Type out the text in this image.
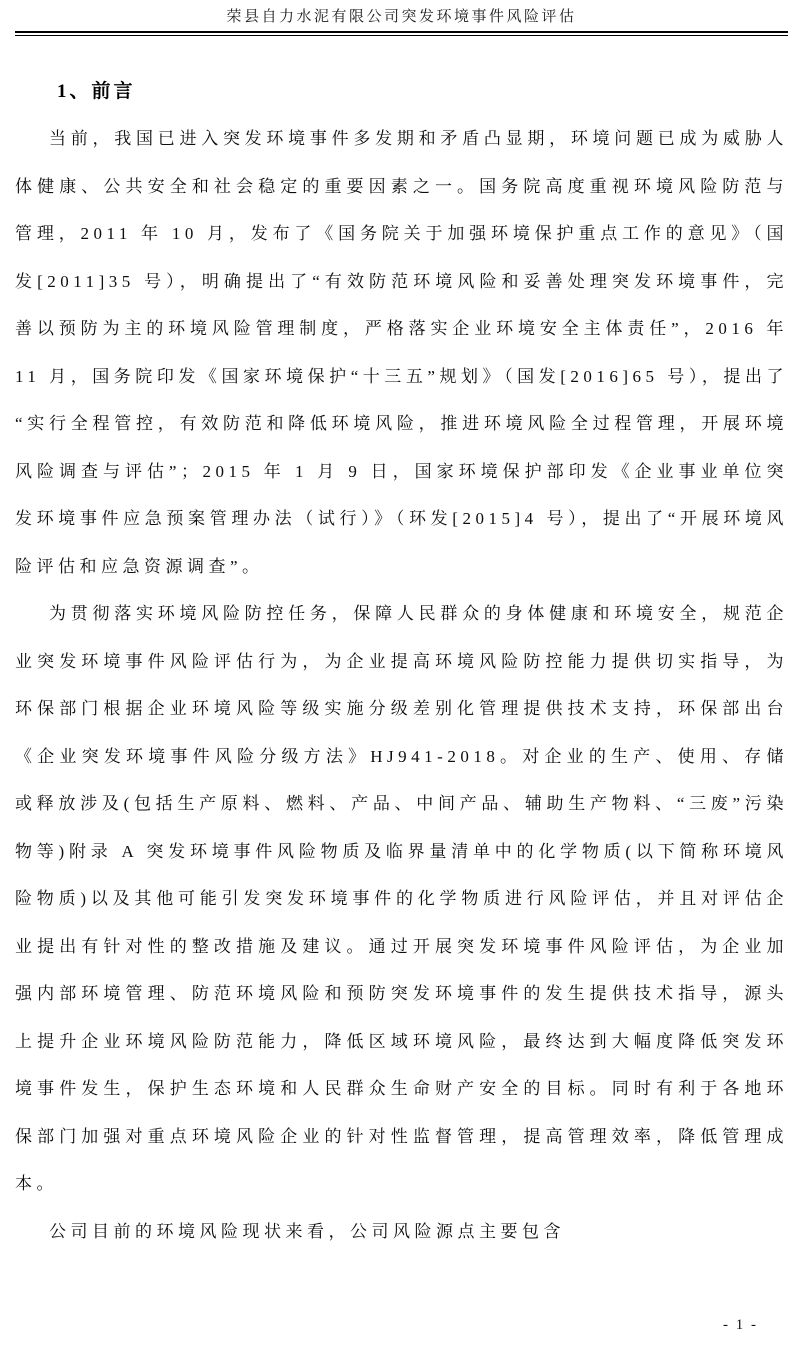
荣县自力水泥有限公司突发环境事件风险评估
1、前言

当前，我国已进入突发环境事件多发期和矛盾凸显期，环境问题已成为威胁人体健康、公共安全和社会稳定的重要因素之一。国务院高度重视环境风险防范与管理，2011 年 10 月，发布了《国务院关于加强环境保护重点工作的意见》（国发[2011]35 号），明确提出了“有效防范环境风险和妥善处理突发环境事件，完善以预防为主的环境风险管理制度，严格落实企业环境安全主体责任”，2016 年 11 月，国务院印发《国家环境保护“十三五”规划》（国发[2016]65 号），提出了“实行全程管控，有效防范和降低环境风险，推进环境风险全过程管理，开展环境风险调查与评估”；2015 年 1 月 9 日，国家环境保护部印发《企业事业单位突发环境事件应急预案管理办法（试行）》（环发[2015]4 号），提出了“开展环境风险评估和应急资源调查”。

为贯彻落实环境风险防控任务，保障人民群众的身体健康和环境安全，规范企业突发环境事件风险评估行为，为企业提高环境风险防控能力提供切实指导，为环保部门根据企业环境风险等级实施分级差别化管理提供技术支持，环保部出台《企业突发环境事件风险分级方法》HJ941-2018。对企业的生产、使用、存储或释放涉及(包括生产原料、燃料、产品、中间产品、辅助生产物料、“三废”污染物等)附录 A 突发环境事件风险物质及临界量清单中的化学物质(以下简称环境风险物质)以及其他可能引发突发环境事件的化学物质进行风险评估，并且对评估企业提出有针对性的整改措施及建议。通过开展突发环境事件风险评估，为企业加强内部环境管理、防范环境风险和预防突发环境事件的发生提供技术指导，源头上提升企业环境风险防范能力，降低区域环境风险，最终达到大幅度降低突发环境事件发生，保护生态环境和人民群众生命财产安全的目标。同时有利于各地环保部门加强对重点环境风险企业的针对性监督管理，提高管理效率，降低管理成本。

公司目前的环境风险现状来看，公司风险源点主要包含

- 1 -
